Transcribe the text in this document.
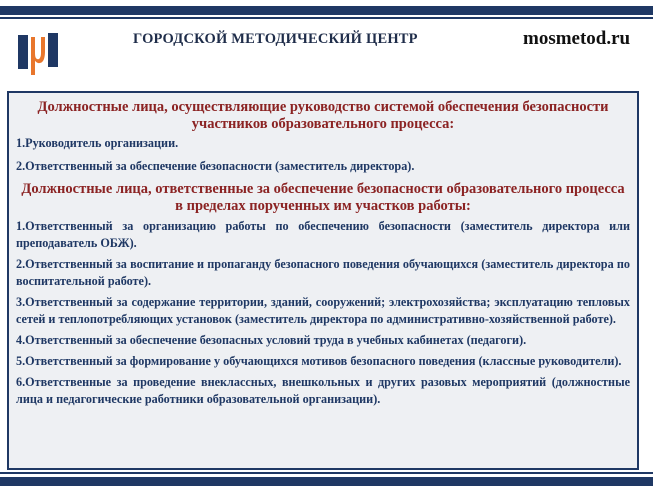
ГОРОДСКОЙ МЕТОДИЧЕСКИЙ ЦЕНТР	mosmetod.ru
Должностные лица, осуществляющие руководство системой обеспечения безопасности участников образовательного процесса:
1.Руководитель организации.
2.Ответственный за обеспечение безопасности (заместитель директора).
Должностные лица, ответственные за обеспечение безопасности образовательного процесса в пределах порученных им участков работы:
1.Ответственный за организацию работы по обеспечению безопасности (заместитель директора или преподаватель ОБЖ).
2.Ответственный за воспитание и пропаганду безопасного поведения обучающихся (заместитель директора по воспитательной работе).
3.Ответственный за содержание территории, зданий, сооружений; электрохозяйства; эксплуатацию тепловых сетей и теплопотребляющих установок (заместитель директора по административно-хозяйственной работе).
4.Ответственный за обеспечение безопасных условий труда в учебных кабинетах (педагоги).
5.Ответственный за формирование у обучающихся мотивов безопасного поведения (классные руководители).
6.Ответственные за проведение внеклассных, внешкольных и других разовых мероприятий (должностные лица и педагогические работники образовательной организации).
